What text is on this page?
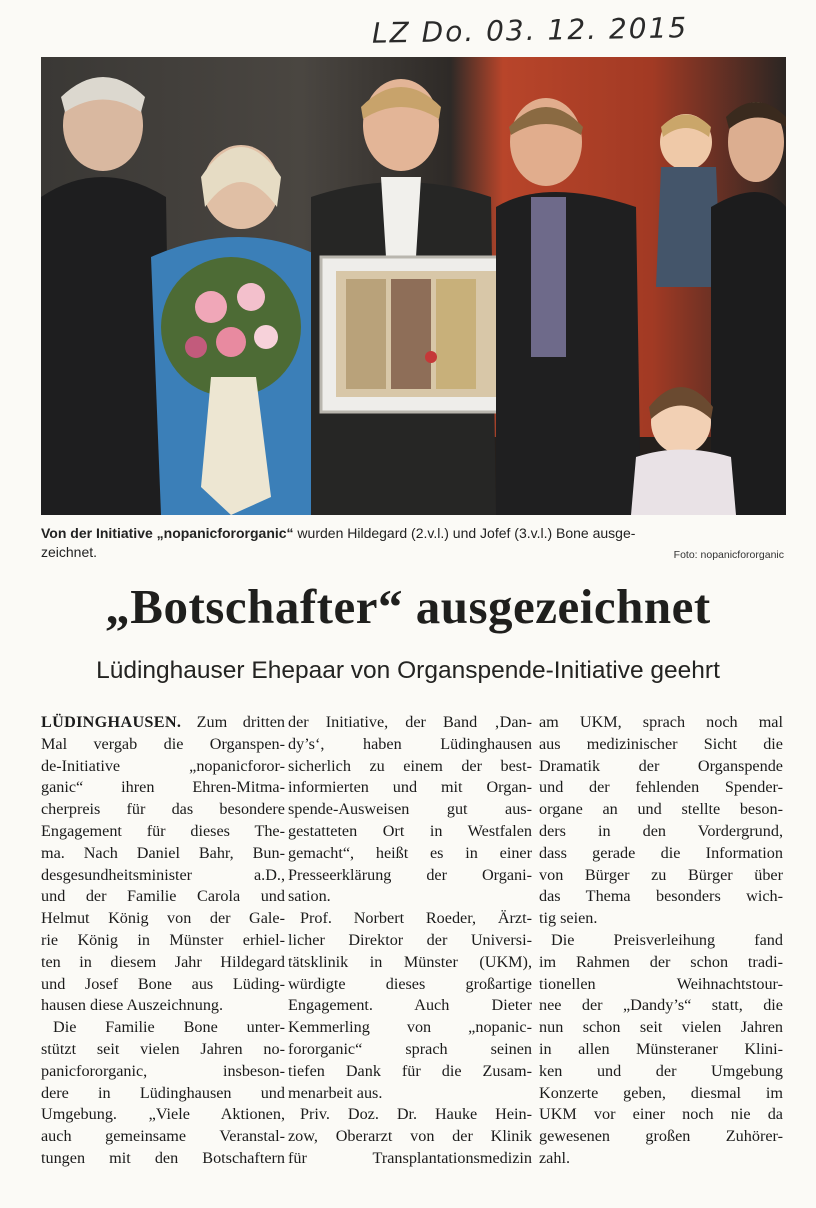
LZ Do. 03. 12. 2015
Von der Initiative „nopanicfororganic“ wurden Hildegard (2.v.l.) und Jofef (3.v.l.) Bone ausge-
zeichnet.	Foto: nopanicfororganic
„Botschafter“ ausgezeichnet
Lüdinghauser Ehepaar von Organspende-Initiative geehrt
LÜDINGHAUSEN. Zum dritten
Mal vergab die Organspen-
de-Initiative „nopanicforor-
ganic“ ihren Ehren-Mitma-
cherpreis für das besondere
Engagement für dieses The-
ma. Nach Daniel Bahr, Bun-
desgesundheitsminister a.D.,
und der Familie Carola und
Helmut König von der Gale-
rie König in Münster erhiel-
ten in diesem Jahr Hildegard
und Josef Bone aus Lüding-
hausen diese Auszeichnung.
Die Familie Bone unter-
stützt seit vielen Jahren no-
panicfororganic, insbeson-
dere in Lüdinghausen und
Umgebung. „Viele Aktionen,
auch gemeinsame Veranstal-
tungen mit den Botschaftern
der Initiative, der Band ‚Dan-
dy’s‘, haben Lüdinghausen
sicherlich zu einem der best-
informierten und mit Organ-
spende-Ausweisen gut aus-
gestatteten Ort in Westfalen
gemacht“, heißt es in einer
Presseerklärung der Organi-
sation.
Prof. Norbert Roeder, Ärzt-
licher Direktor der Universi-
tätsklinik in Münster (UKM),
würdigte dieses großartige
Engagement. Auch Dieter
Kemmerling von „nopanic-
fororganic“ sprach seinen
tiefen Dank für die Zusam-
menarbeit aus.
Priv. Doz. Dr. Hauke Hein-
zow, Oberarzt von der Klinik
für Transplantationsmedizin
am UKM, sprach noch mal
aus medizinischer Sicht die
Dramatik der Organspende
und der fehlenden Spender-
organe an und stellte beson-
ders in den Vordergrund,
dass gerade die Information
von Bürger zu Bürger über
das Thema besonders wich-
tig seien.
Die Preisverleihung fand
im Rahmen der schon tradi-
tionellen Weihnachtstour-
nee der „Dandy’s“ statt, die
nun schon seit vielen Jahren
in allen Münsteraner Klini-
ken und der Umgebung
Konzerte geben, diesmal im
UKM vor einer noch nie da
gewesenen großen Zuhörer-
zahl.
